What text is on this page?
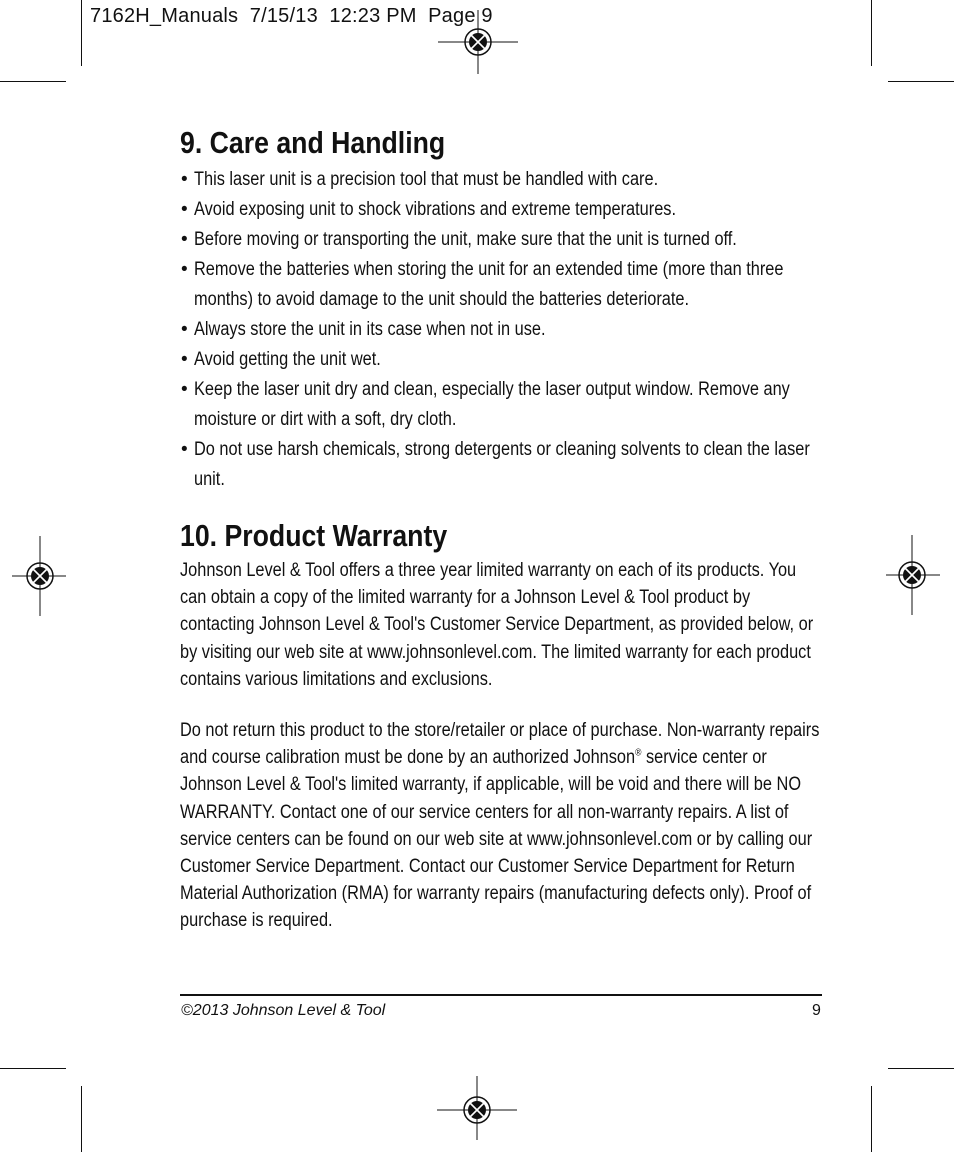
7162H_Manuals  7/15/13  12:23 PM  Page 9
9. Care and Handling
• This laser unit is a precision tool that must be handled with care.
• Avoid exposing unit to shock vibrations and extreme temperatures.
• Before moving or transporting the unit, make sure that the unit is turned off.
• Remove the batteries when storing the unit for an extended time (more than three months) to avoid damage to the unit should the batteries deteriorate.
• Always store the unit in its case when not in use.
• Avoid getting the unit wet.
• Keep the laser unit dry and clean, especially the laser output window. Remove any moisture or dirt with a soft, dry cloth.
• Do not use harsh chemicals, strong detergents or cleaning solvents to clean the laser unit.
10. Product Warranty

Johnson Level & Tool offers a three year limited warranty on each of its products. You can obtain a copy of the limited warranty for a Johnson Level & Tool product by contacting Johnson Level & Tool's Customer Service Department, as provided below, or by visiting our web site at www.johnsonlevel.com. The limited warranty for each product contains various limitations and exclusions.

Do not return this product to the store/retailer or place of purchase. Non-warranty repairs and course calibration must be done by an authorized Johnson® service center or Johnson Level & Tool's limited warranty, if applicable, will be void and there will be NO WARRANTY. Contact one of our service centers for all non-warranty repairs. A list of service centers can be found on our web site at www.johnsonlevel.com or by calling our Customer Service Department. Contact our Customer Service Department for Return Material Authorization (RMA) for warranty repairs (manufacturing defects only). Proof of purchase is required.

©2013 Johnson Level & Tool	9
